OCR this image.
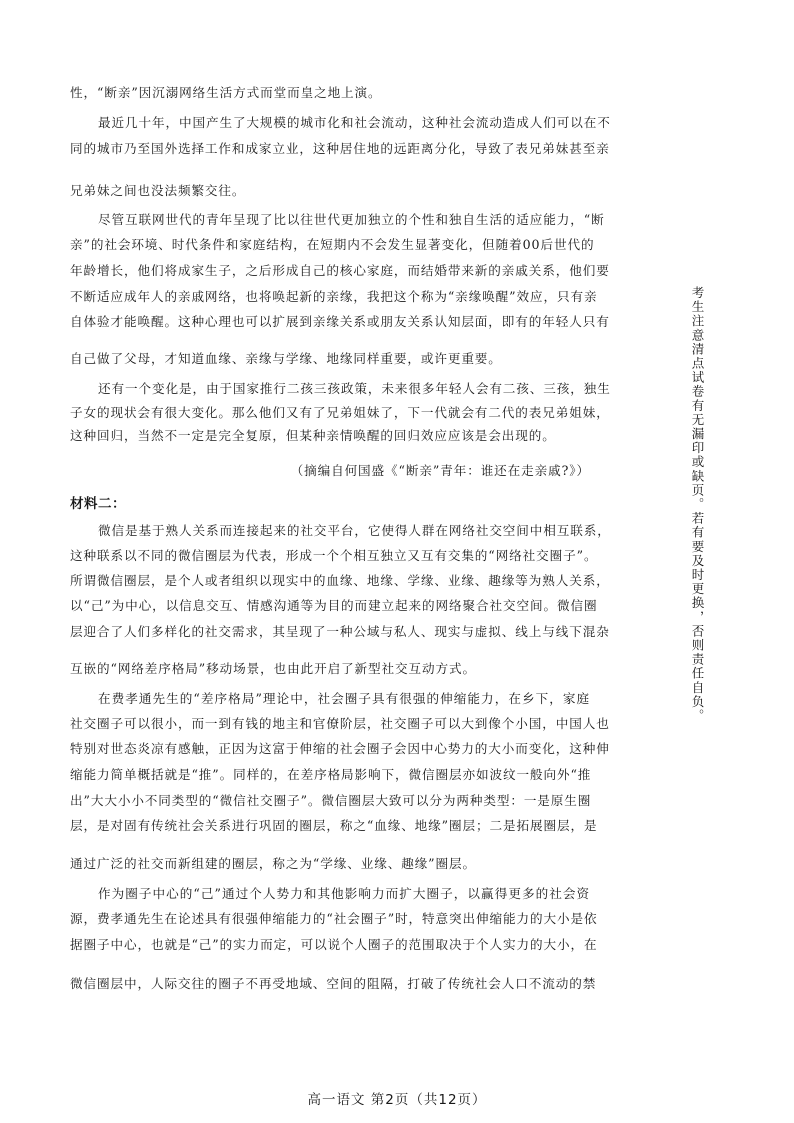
性，“断亲”因沉溺网络生活方式而堂而皇之地上演。
最近几十年，中国产生了大规模的城市化和社会流动，这种社会流动造成人们可以在不
同的城市乃至国外选择工作和成家立业，这种居住地的远距离分化，导致了表兄弟妹甚至亲
兄弟妹之间也没法频繁交往。
尽管互联网世代的青年呈现了比以往世代更加独立的个性和独自生活的适应能力，“断
亲”的社会环境、时代条件和家庭结构，在短期内不会发生显著变化，但随着00后世代的
年龄增长，他们将成家生子，之后形成自己的核心家庭，而结婚带来新的亲戚关系，他们要
不断适应成年人的亲戚网络，也将唤起新的亲缘，我把这个称为“亲缘唤醒”效应，只有亲
自体验才能唤醒。这种心理也可以扩展到亲缘关系或朋友关系认知层面，即有的年轻人只有
自己做了父母，才知道血缘、亲缘与学缘、地缘同样重要，或许更重要。
还有一个变化是，由于国家推行二孩三孩政策，未来很多年轻人会有二孩、三孩，独生
子女的现状会有很大变化。那么他们又有了兄弟姐妹了，下一代就会有二代的表兄弟姐妹，
这种回归，当然不一定是完全复原，但某种亲情唤醒的回归效应应该是会出现的。
（摘编自何国盛《“断亲”青年：谁还在走亲戚?》）
材料二：
微信是基于熟人关系而连接起来的社交平台，它使得人群在网络社交空间中相互联系，
这种联系以不同的微信圈层为代表，形成一个个相互独立又互有交集的“网络社交圈子”。
所谓微信圈层，是个人或者组织以现实中的血缘、地缘、学缘、业缘、趣缘等为熟人关系，
以“己”为中心，以信息交互、情感沟通等为目的而建立起来的网络聚合社交空间。微信圈
层迎合了人们多样化的社交需求，其呈现了一种公域与私人、现实与虚拟、线上与线下混杂
互嵌的“网络差序格局”移动场景，也由此开启了新型社交互动方式。
在费孝通先生的“差序格局”理论中，社会圈子具有很强的伸缩能力，在乡下，家庭
社交圈子可以很小，而一到有钱的地主和官僚阶层，社交圈子可以大到像个小国，中国人也
特别对世态炎凉有感触，正因为这富于伸缩的社会圈子会因中心势力的大小而变化，这种伸
缩能力简单概括就是“推”。同样的，在差序格局影响下，微信圈层亦如波纹一般向外“推
出”大大小小不同类型的“微信社交圈子”。微信圈层大致可以分为两种类型：一是原生圈
层，是对固有传统社会关系进行巩固的圈层，称之“血缘、地缘”圈层；二是拓展圈层，是
通过广泛的社交而新组建的圈层，称之为“学缘、业缘、趣缘”圈层。
作为圈子中心的“己”通过个人势力和其他影响力而扩大圈子，以赢得更多的社会资
源，费孝通先生在论述具有很强伸缩能力的“社会圈子”时，特意突出伸缩能力的大小是依
据圈子中心，也就是“己”的实力而定，可以说个人圈子的范围取决于个人实力的大小，在
微信圈层中，人际交往的圈子不再受地域、空间的阻隔，打破了传统社会人口不流动的禁
考生注意清点试卷有无漏印或缺页。若有要及时更换，否则责任自负。
高一语文 第2页（共12页）
